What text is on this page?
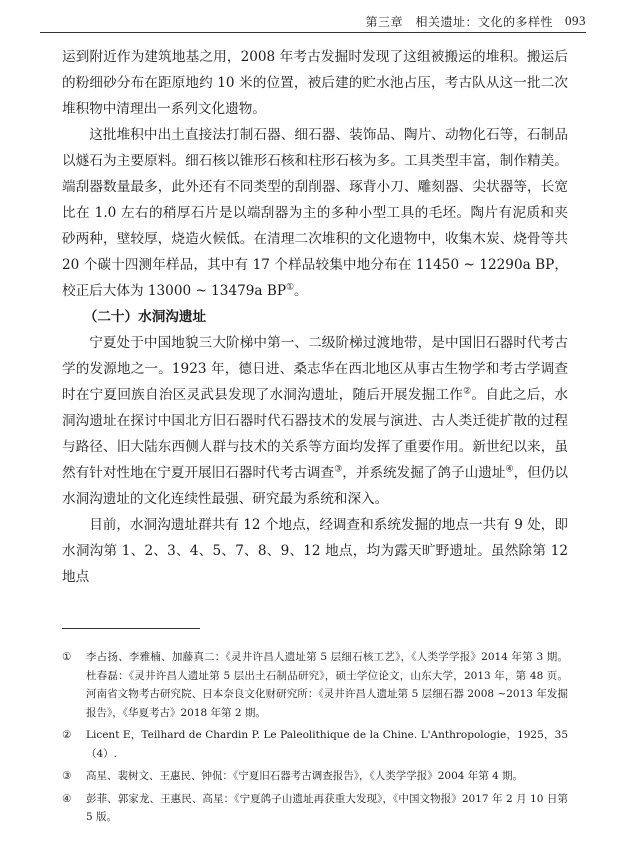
第三章　相关遗址：文化的多样性 093

运到附近作为建筑地基之用，2008 年考古发掘时发现了这组被搬运的堆积。搬运后的粉细砂分布在距原地约 10 米的位置，被后建的贮水池占压，考古队从这一批二次堆积物中清理出一系列文化遗物。

这批堆积中出土直接法打制石器、细石器、装饰品、陶片、动物化石等，石制品以燧石为主要原料。细石核以锥形石核和柱形石核为多。工具类型丰富，制作精美。端刮器数量最多，此外还有不同类型的刮削器、琢背小刀、雕刻器、尖状器等，长宽比在 1.0 左右的稍厚石片是以端刮器为主的多种小型工具的毛坯。陶片有泥质和夹砂两种，壁较厚，烧造火候低。在清理二次堆积的文化遗物中，收集木炭、烧骨等共 20 个碳十四测年样品，其中有 17 个样品较集中地分布在 11450 ~ 12290a BP，校正后大体为 13000 ~ 13479a BP①。

（二十）水洞沟遗址

宁夏处于中国地貌三大阶梯中第一、二级阶梯过渡地带，是中国旧石器时代考古学的发源地之一。1923 年，德日进、桑志华在西北地区从事古生物学和考古学调查时在宁夏回族自治区灵武县发现了水洞沟遗址，随后开展发掘工作②。自此之后，水洞沟遗址在探讨中国北方旧石器时代石器技术的发展与演进、古人类迁徙扩散的过程与路径、旧大陆东西侧人群与技术的关系等方面均发挥了重要作用。新世纪以来，虽然有针对性地在宁夏开展旧石器时代考古调查③，并系统发掘了鸽子山遗址④，但仍以水洞沟遗址的文化连续性最强、研究最为系统和深入。

目前，水洞沟遗址群共有 12 个地点，经调查和系统发掘的地点一共有 9 处，即水洞沟第 1、2、3、4、5、7、8、9、12 地点，均为露天旷野遗址。虽然除第 12 地点

①	李占扬、李雅楠、加藤真二：《灵井许昌人遗址第 5 层细石核工艺》，《人类学学报》2014 年第 3 期。杜春磊：《灵井许昌人遗址第 5 层出土石制品研究》，硕士学位论文，山东大学，2013 年，第 48 页。河南省文物考古研究院、日本奈良文化财研究所：《灵井许昌人遗址第 5 层细石器 2008 ~2013 年发掘报告》，《华夏考古》2018 年第 2 期。
②	Licent E，Teilhard de Chardin P. Le Paleolithique de la Chine. L'Anthropologie，1925，35（4）.
③	高星、裴树文、王惠民、钟侃：《宁夏旧石器考古调查报告》，《人类学学报》2004 年第 4 期。
④	彭菲、郭家龙、王惠民、高星：《宁夏鸽子山遗址再获重大发现》，《中国文物报》2017 年 2 月 10 日第 5 版。
